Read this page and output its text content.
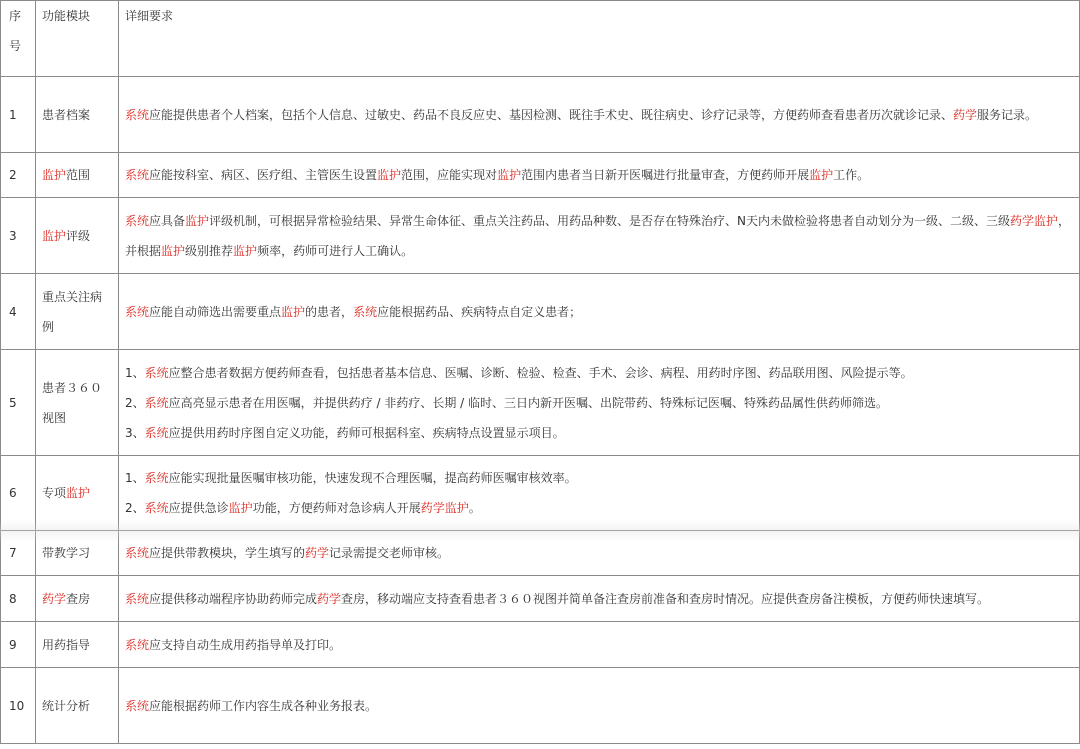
序号	功能模块	详细要求
1	患者档案	系统应能提供患者个人档案，包括个人信息、过敏史、药品不良反应史、基因检测、既往手术史、既往病史、诊疗记录等，方便药师查看患者历次就诊记录、药学服务记录。

2	监护范围	系统应能按科室、病区、医疗组、主管医生设置监护范围，应能实现对监护范围内患者当日新开医嘱进行批量审查，方便药师开展监护工作。

3	监护评级	系统应具备监护评级机制，可根据异常检验结果、异常生命体征、重点关注药品、用药品种数、是否存在特殊治疗、N天内未做检验将患者自动划分为一级、二级、三级药学监护，并根据监护级别推荐监护频率，药师可进行人工确认。

4	重点关注病例	系统应能自动筛选出需要重点监护的患者，系统应能根据药品、疾病特点自定义患者；

5	患者３６０视图	1、系统应整合患者数据方便药师查看，包括患者基本信息、医嘱、诊断、检验、检查、手术、会诊、病程、用药时序图、药品联用图、风险提示等。
2、系统应高亮显示患者在用医嘱，并提供药疗 / 非药疗、长期 / 临时、三日内新开医嘱、出院带药、特殊标记医嘱、特殊药品属性供药师筛选。
3、系统应提供用药时序图自定义功能，药师可根据科室、疾病特点设置显示项目。

6	专项监护	1、系统应能实现批量医嘱审核功能，快速发现不合理医嘱，提高药师医嘱审核效率。
2、系统应提供急诊监护功能，方便药师对急诊病人开展药学监护。

7	带教学习	系统应提供带教模块，学生填写的药学记录需提交老师审核。

8	药学查房	系统应提供移动端程序协助药师完成药学查房，移动端应支持查看患者３６０视图并简单备注查房前准备和查房时情况。应提供查房备注模板，方便药师快速填写。

9	用药指导	系统应支持自动生成用药指导单及打印。

10	统计分析	系统应能根据药师工作内容生成各种业务报表。
